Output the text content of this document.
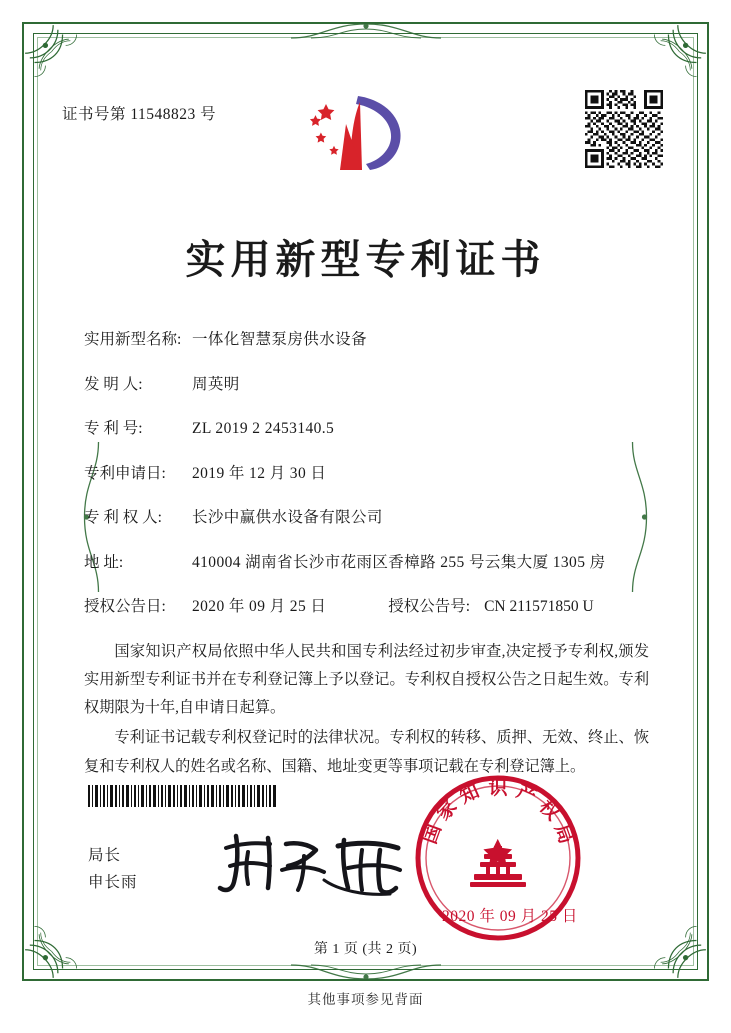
证书号第 11548823 号
实用新型专利证书
实用新型名称: 一体化智慧泵房供水设备
发 明 人:	周英明
专 利 号:	ZL 2019 2 2453140.5
专利申请日:	2019 年 12 月 30 日
专 利 权 人:	长沙中赢供水设备有限公司
地 址:	410004 湖南省长沙市花雨区香樟路 255 号云集大厦 1305 房
授权公告日:	2020 年 09 月 25 日	授权公告号: CN 211571850 U

国家知识产权局依照中华人民共和国专利法经过初步审查,决定授予专利权,颁发实用新型专利证书并在专利登记簿上予以登记。专利权自授权公告之日起生效。专利权期限为十年,自申请日起算。

专利证书记载专利权登记时的法律状况。专利权的转移、质押、无效、终止、恢复和专利权人的姓名或名称、国籍、地址变更等事项记载在专利登记簿上。

局长
申长雨
国
家
知 识 产
权
局
2020 年 09 月 25 日
第 1 页 (共 2 页)
其他事项参见背面
